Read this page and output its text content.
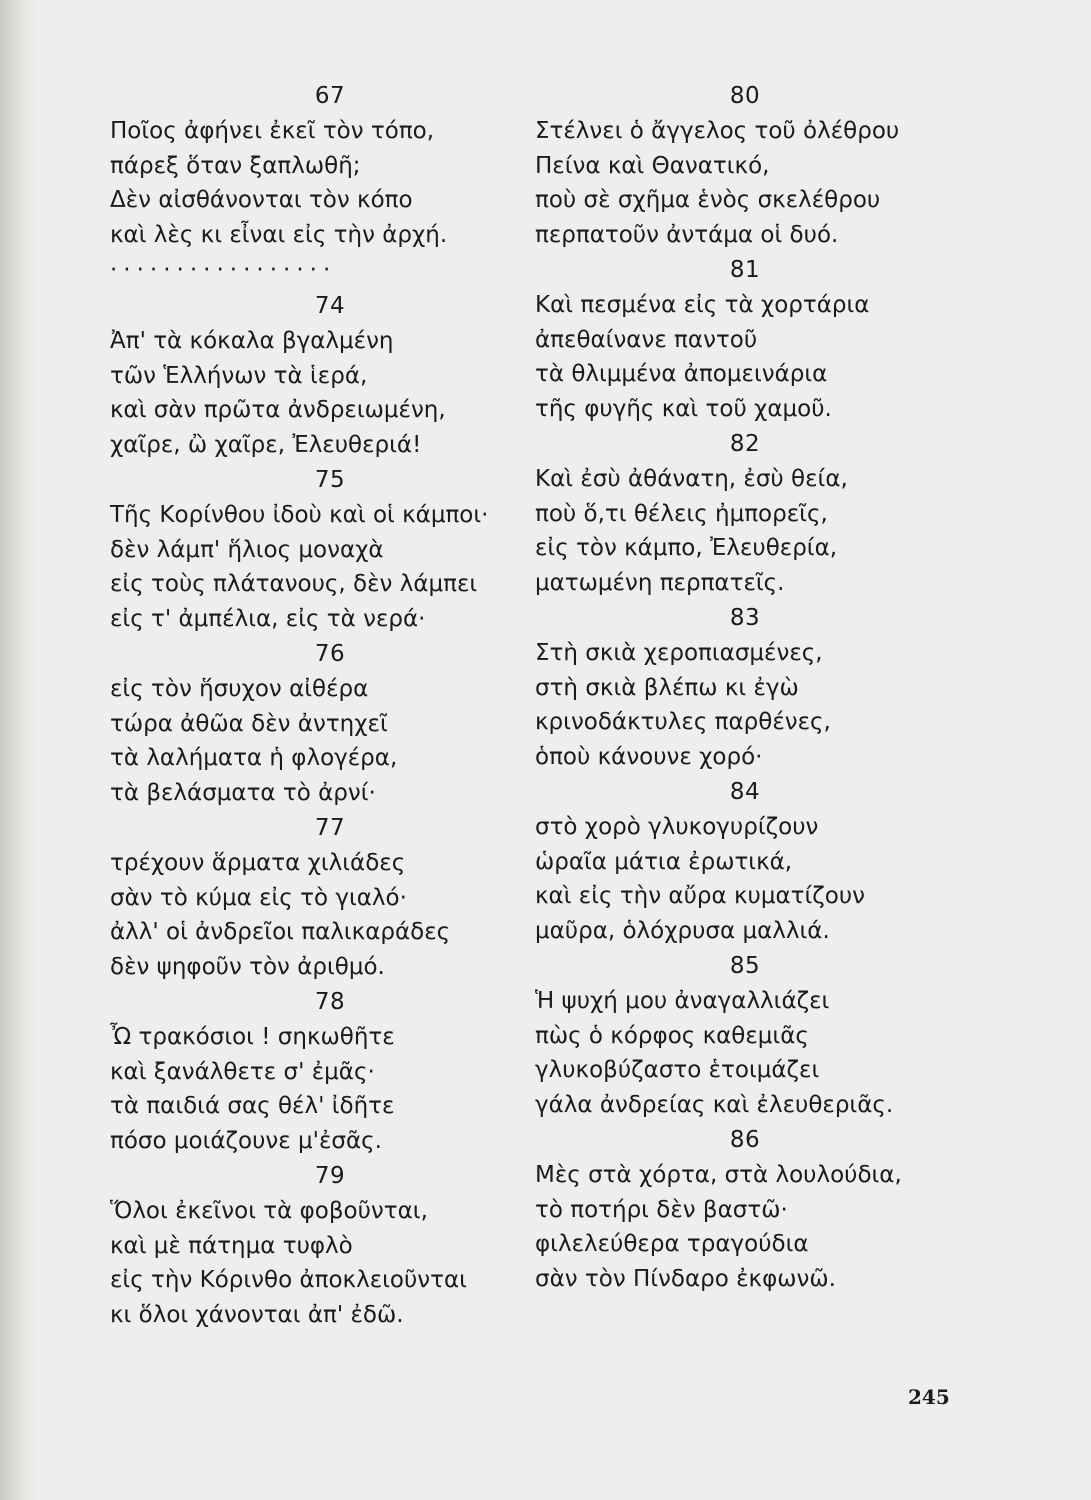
67
Ποῖος ἀφήνει ἐκεῖ τὸν τόπο,
πάρεξ ὅταν ξαπλωθῆ;
Δὲν αἰσθάνονται τὸν κόπο
καὶ λὲς κι εἶναι εἰς τὴν ἀρχή.
·················
74
Ἀπ' τὰ κόκαλα βγαλμένη
τῶν Ἑλλήνων τὰ ἱερά,
καὶ σὰν πρῶτα ἀνδρειωμένη,
χαῖρε, ὢ χαῖρε, Ἐλευθεριά!
75
Τῆς Κορίνθου ἰδοὺ καὶ οἱ κάμποι·
δὲν λάμπ' ἥλιος μοναχὰ
εἰς τοὺς πλάτανους, δὲν λάμπει
εἰς τ' ἀμπέλια, εἰς τὰ νερά·
76
εἰς τὸν ἥσυχον αἰθέρα
τώρα ἀθῶα δὲν ἀντηχεῖ
τὰ λαλήματα ἡ φλογέρα,
τὰ βελάσματα τὸ ἀρνί·
77
τρέχουν ἅρματα χιλιάδες
σὰν τὸ κύμα εἰς τὸ γιαλό·
ἀλλ' οἱ ἀνδρεῖοι παλικαράδες
δὲν ψηφοῦν τὸν ἀριθμό.
78
Ὦ τρακόσιοι ! σηκωθῆτε
καὶ ξανάλθετε σ' ἐμᾶς·
τὰ παιδιά σας θέλ' ἰδῆτε
πόσο μοιάζουνε μ'ἐσᾶς.
79
Ὅλοι ἐκεῖνοι τὰ φοβοῦνται,
καὶ μὲ πάτημα τυφλὸ
εἰς τὴν Κόρινθο ἀποκλειοῦνται
κι ὅλοι χάνονται ἀπ' ἐδῶ.
80
Στέλνει ὁ ἄγγελος τοῦ ὀλέθρου
Πείνα καὶ Θανατικό,
ποὺ σὲ σχῆμα ἑνὸς σκελέθρου
περπατοῦν ἀντάμα οἱ δυό.
81
Καὶ πεσμένα εἰς τὰ χορτάρια
ἀπεθαίνανε παντοῦ
τὰ θλιμμένα ἀπομεινάρια
τῆς φυγῆς καὶ τοῦ χαμοῦ.
82
Καὶ ἐσὺ ἀθάνατη, ἐσὺ θεία,
ποὺ ὅ,τι θέλεις ἠμπορεῖς,
εἰς τὸν κάμπο, Ἐλευθερία,
ματωμένη περπατεῖς.
83
Στὴ σκιὰ χεροπιασμένες,
στὴ σκιὰ βλέπω κι ἐγὼ
κρινοδάκτυλες παρθένες,
ὁποὺ κάνουνε χορό·
84
στὸ χορὸ γλυκογυρίζουν
ὡραῖα μάτια ἐρωτικά,
καὶ εἰς τὴν αὔρα κυματίζουν
μαῦρα, ὁλόχρυσα μαλλιά.
85
Ἡ ψυχή μου ἀναγαλλιάζει
πὼς ὁ κόρφος καθεμιᾶς
γλυκοβύζαστο ἑτοιμάζει
γάλα ἀνδρείας καὶ ἐλευθεριᾶς.
86
Μὲς στὰ χόρτα, στὰ λουλούδια,
τὸ ποτήρι δὲν βαστῶ·
φιλελεύθερα τραγούδια
σὰν τὸν Πίνδαρο ἐκφωνῶ.
245
